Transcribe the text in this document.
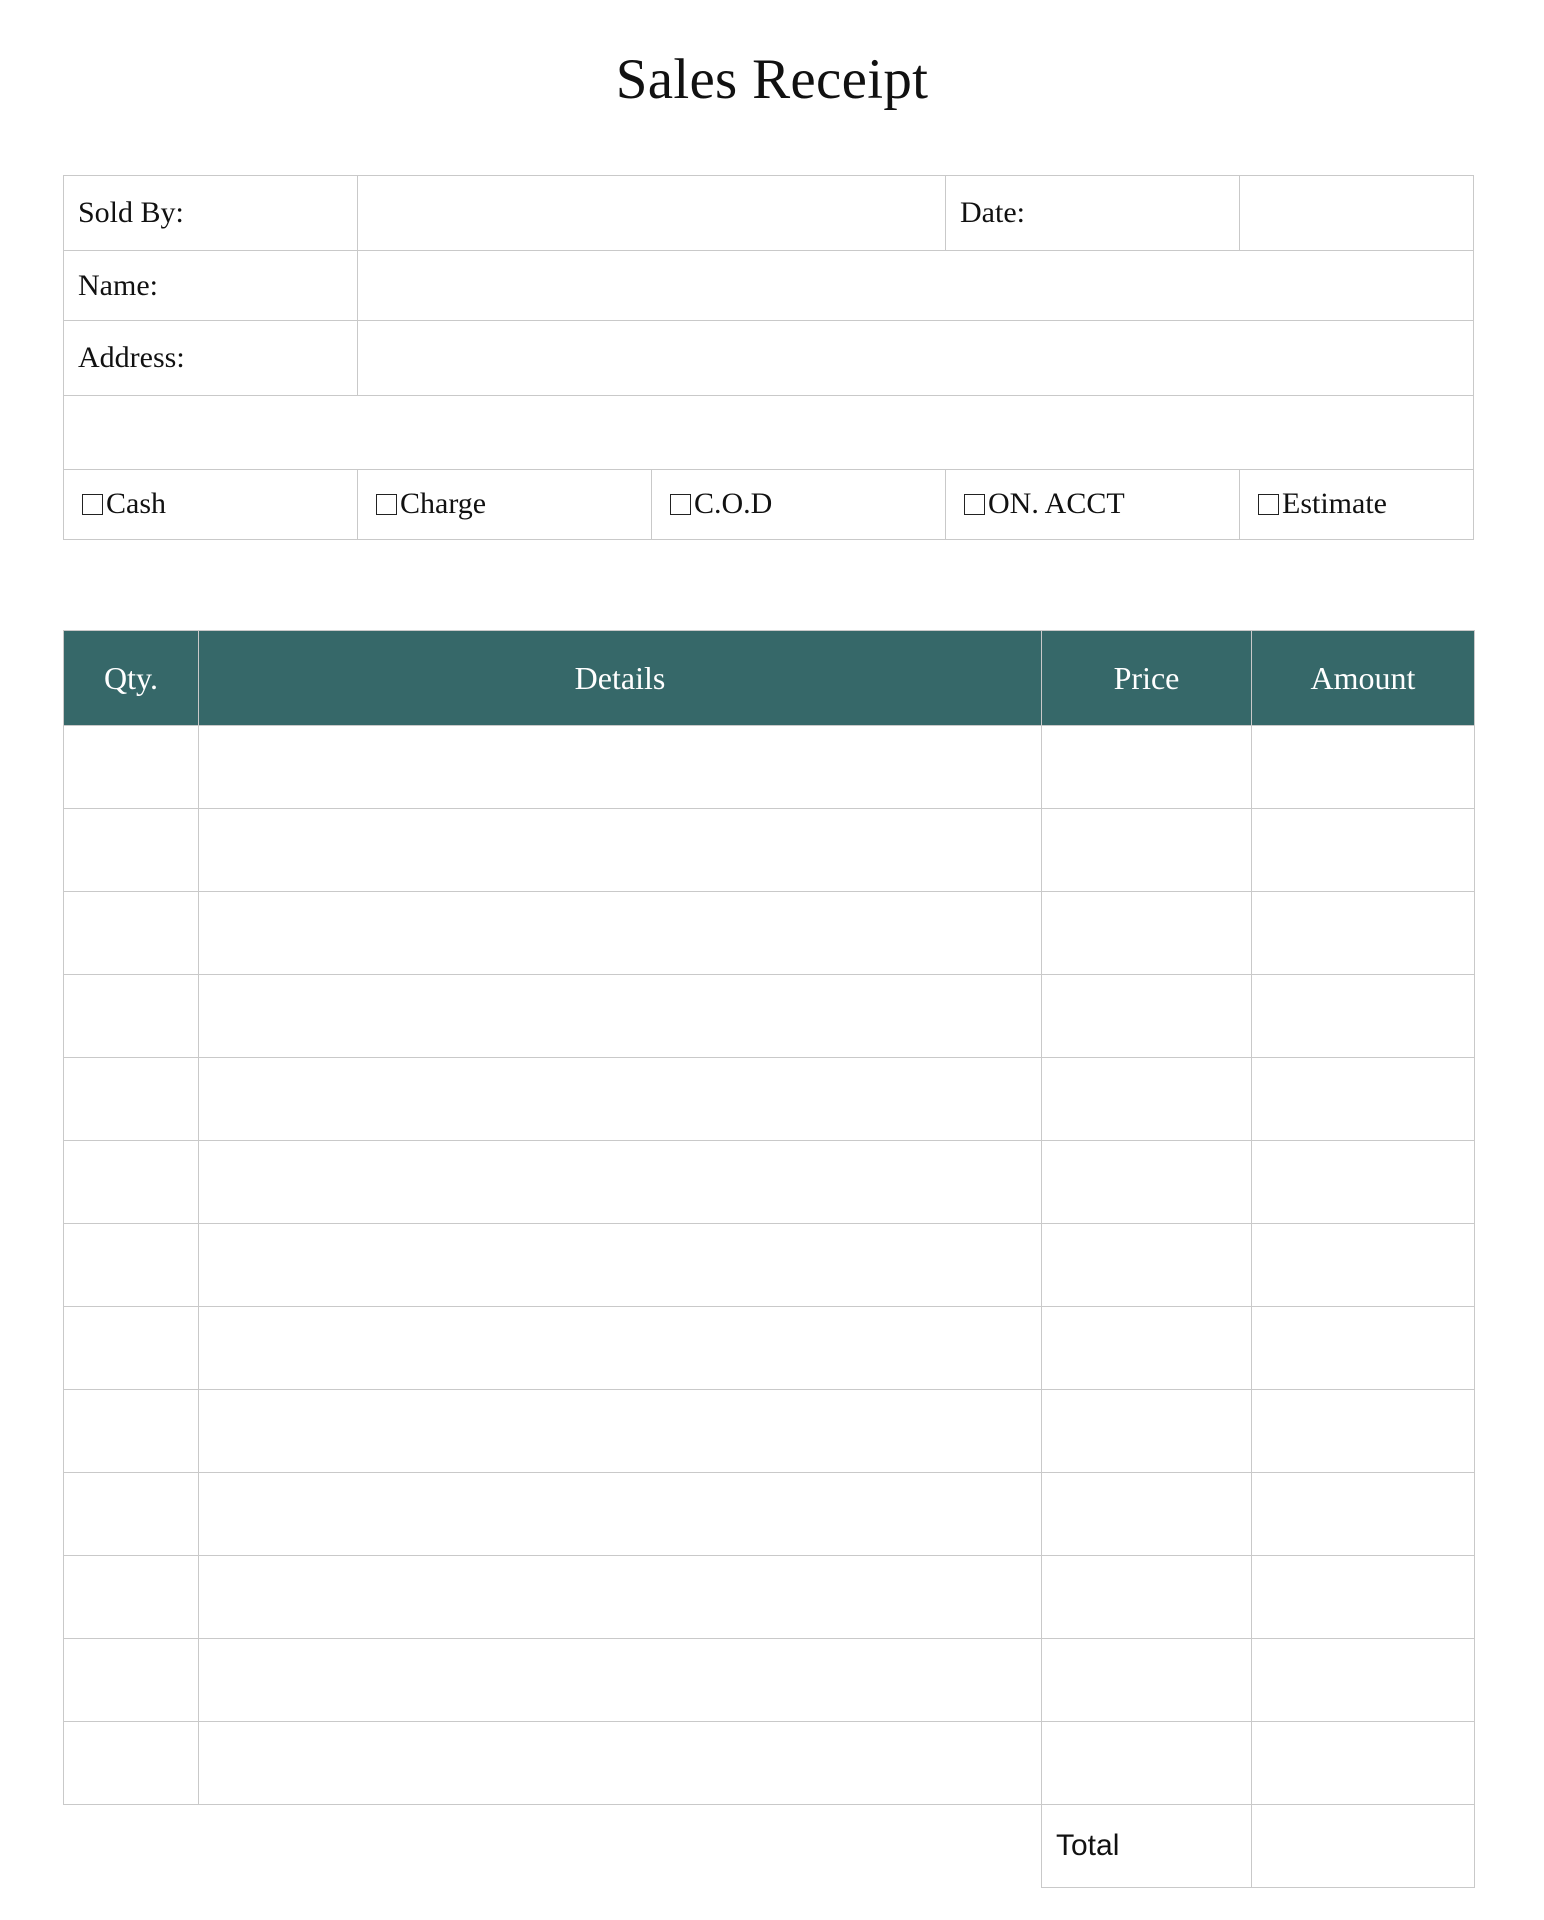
Sales Receipt
Sold By:			Date:	
Name:				
Address:				

Cash	Charge	C.O.D	ON. ACCT	Estimate
Qty.	Details	Price	Amount

		Total	
